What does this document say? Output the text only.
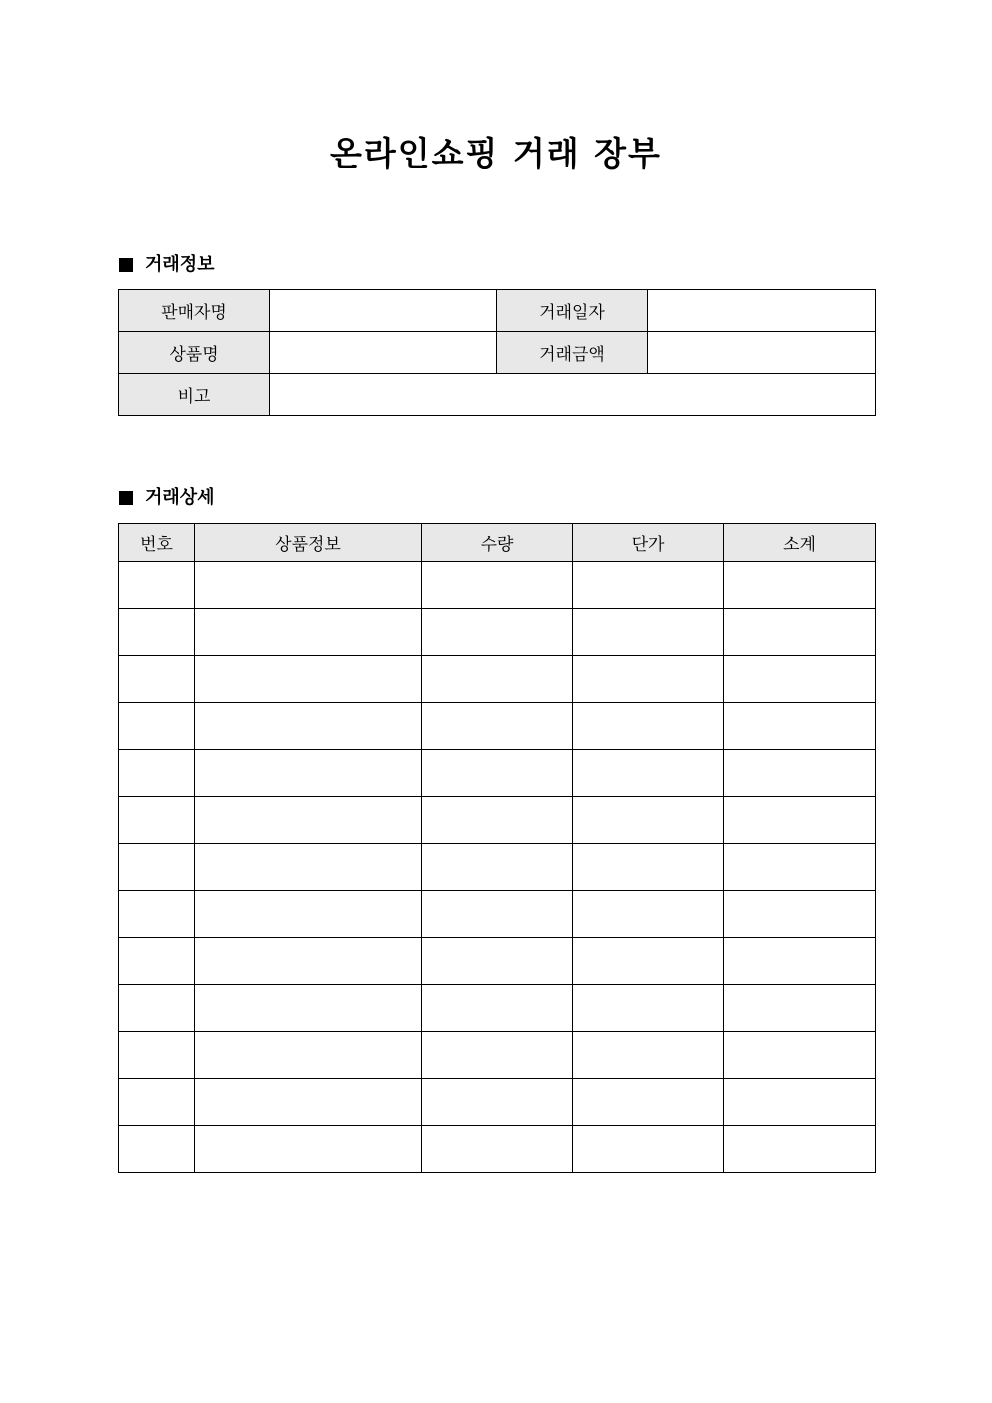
온라인쇼핑 거래 장부
거래정보
판매자명		거래일자	
상품명		거래금액	
비고			
거래상세
번호	상품정보	수량	단가	소계
